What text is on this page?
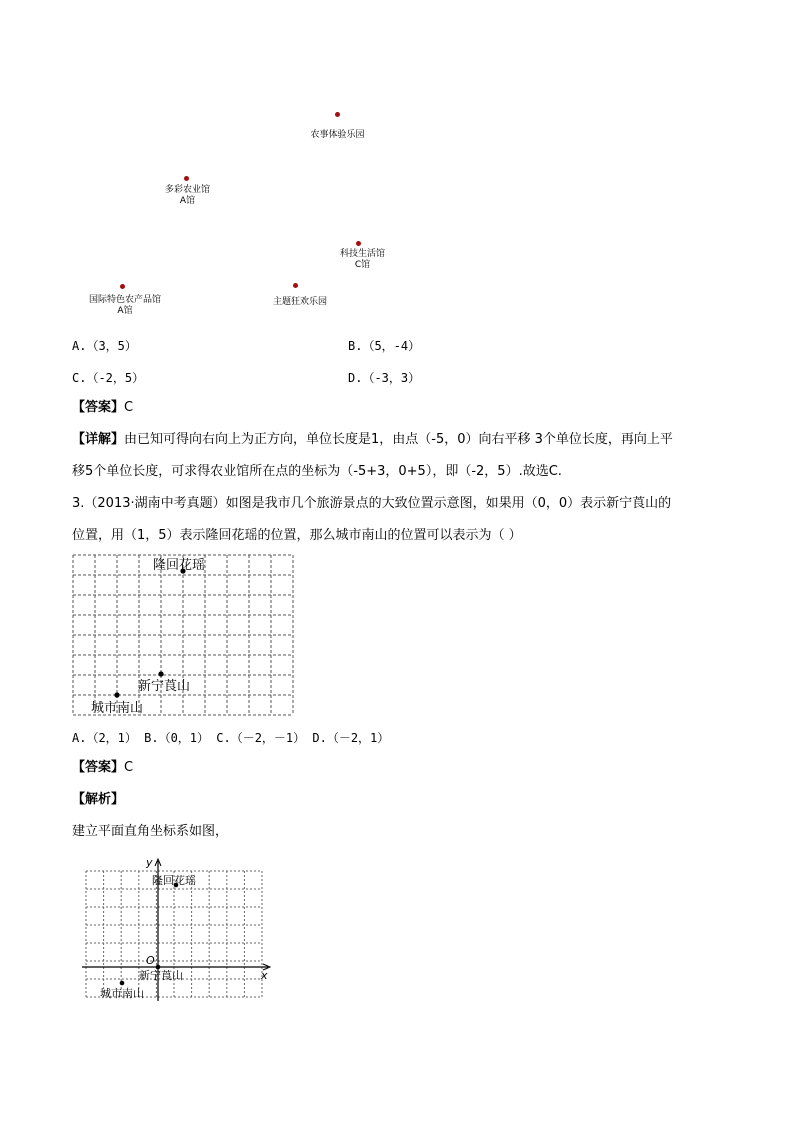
农事体验乐园
多彩农业馆
A馆
科技生活馆
C馆
国际特色农产品馆
A馆
主题狂欢乐园
A.（3，5）	B.（5，-4）
C.（-2，5）	D.（-3，3）
【答案】C
【详解】由已知可得向右向上为正方向，单位长度是1，由点（-5，0）向右平移 3个单位长度，再向上平
移5个单位长度，可求得农业馆所在点的坐标为（-5+3，0+5），即（-2，5）.故选C.
3.（2013·湖南中考真题）如图是我市几个旅游景点的大致位置示意图，如果用（0，0）表示新宁莨山的
位置，用（1，5）表示隆回花瑶的位置，那么城市南山的位置可以表示为（ ）
隆回花瑶
新宁莨山
城市南山
A.（2，1） B.（0，1） C.（－2，－1） D.（－2，1）
【答案】C
【解析】
建立平面直角坐标系如图，
y
x
O
隆回花瑶
新宁莨山
城市南山
